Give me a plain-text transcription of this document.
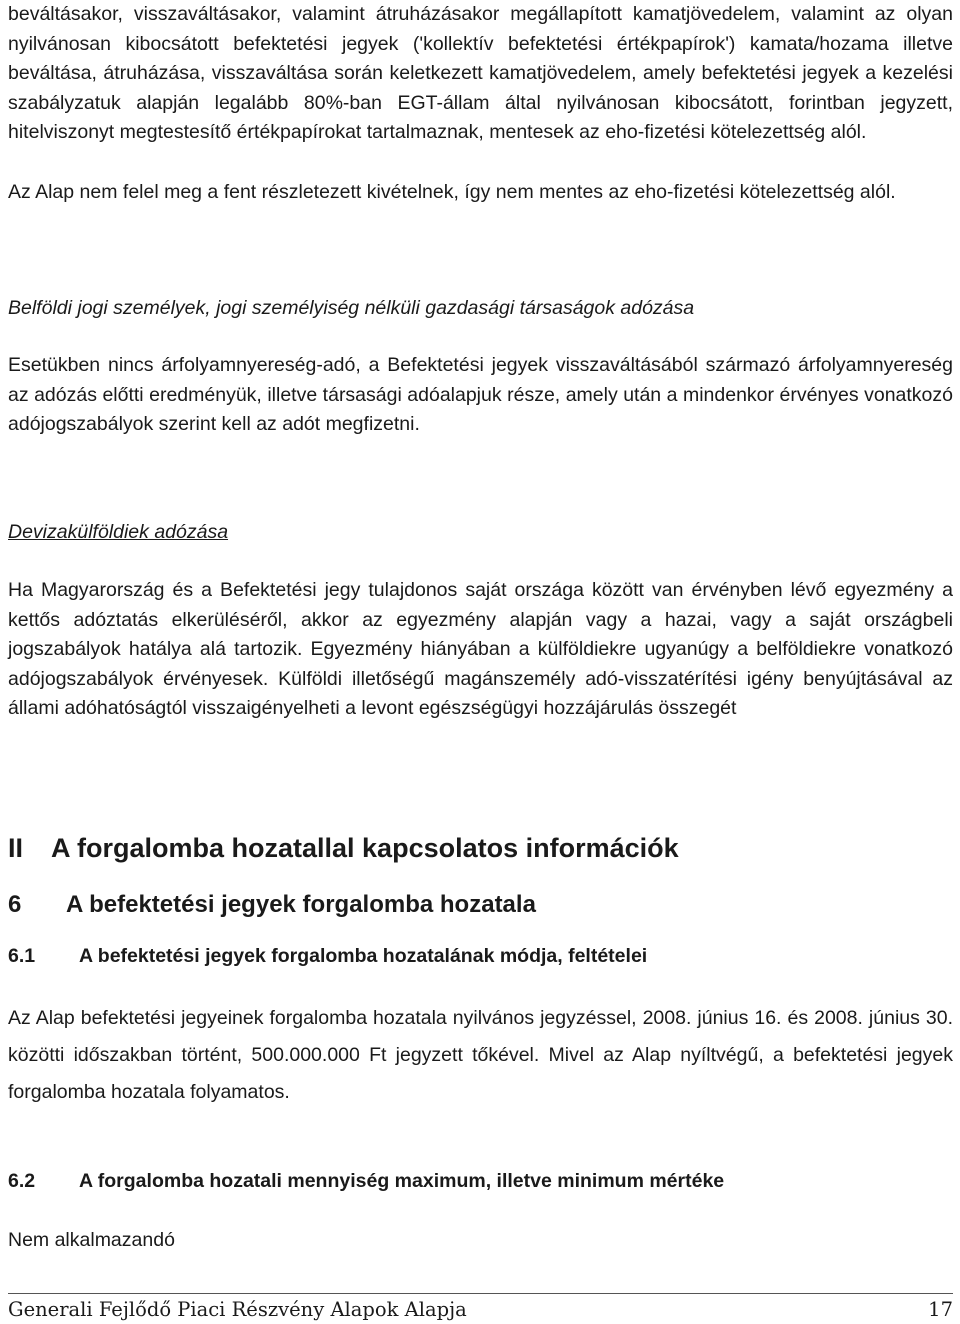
beváltásakor, visszaváltásakor, valamint átruházásakor megállapított kamatjövedelem, valamint az olyan nyilvánosan kibocsátott befektetési jegyek ('kollektív befektetési értékpapírok') kamata/hozama illetve beváltása, átruházása, visszaváltása során keletkezett kamatjövedelem, amely befektetési jegyek a kezelési szabályzatuk alapján legalább 80%-ban EGT-állam által nyilvánosan kibocsátott, forintban jegyzett, hitelviszonyt megtestesítő értékpapírokat tartalmaznak, mentesek az eho-fizetési kötelezettség alól.

Az Alap nem felel meg a fent részletezett kivételnek, így nem mentes az eho-fizetési kötelezettség alól.

Belföldi jogi személyek, jogi személyiség nélküli gazdasági társaságok adózása

Esetükben nincs árfolyamnyereség-adó, a Befektetési jegyek visszaváltásából származó árfolyamnyereség az adózás előtti eredményük, illetve társasági adóalapjuk része, amely után a mindenkor érvényes vonatkozó adójogszabályok szerint kell az adót megfizetni.

Devizakülföldiek adózása

Ha Magyarország és a Befektetési jegy tulajdonos saját országa között van érvényben lévő egyezmény a kettős adóztatás elkerüléséről, akkor az egyezmény alapján vagy a hazai, vagy a saját országbeli jogszabályok hatálya alá tartozik. Egyezmény hiányában a külföldiekre ugyanúgy a belföldiekre vonatkozó adójogszabályok érvényesek. Külföldi illetőségű magánszemély adó-visszatérítési igény benyújtásával az állami adóhatóságtól visszaigényelheti a levont egészségügyi hozzájárulás összegét

II	A forgalomba hozatallal kapcsolatos információk
6	A befektetési jegyek forgalomba hozatala
6.1	A befektetési jegyek forgalomba hozatalának módja, feltételei

Az Alap befektetési jegyeinek forgalomba hozatala nyilvános jegyzéssel, 2008. június 16. és 2008. június 30. közötti időszakban történt, 500.000.000 Ft jegyzett tőkével. Mivel az Alap nyíltvégű, a befektetési jegyek forgalomba hozatala folyamatos.

6.2	A forgalomba hozatali mennyiség maximum, illetve minimum mértéke

Nem alkalmazandó

Generali Fejlődő Piaci Részvény Alapok Alapja	17
